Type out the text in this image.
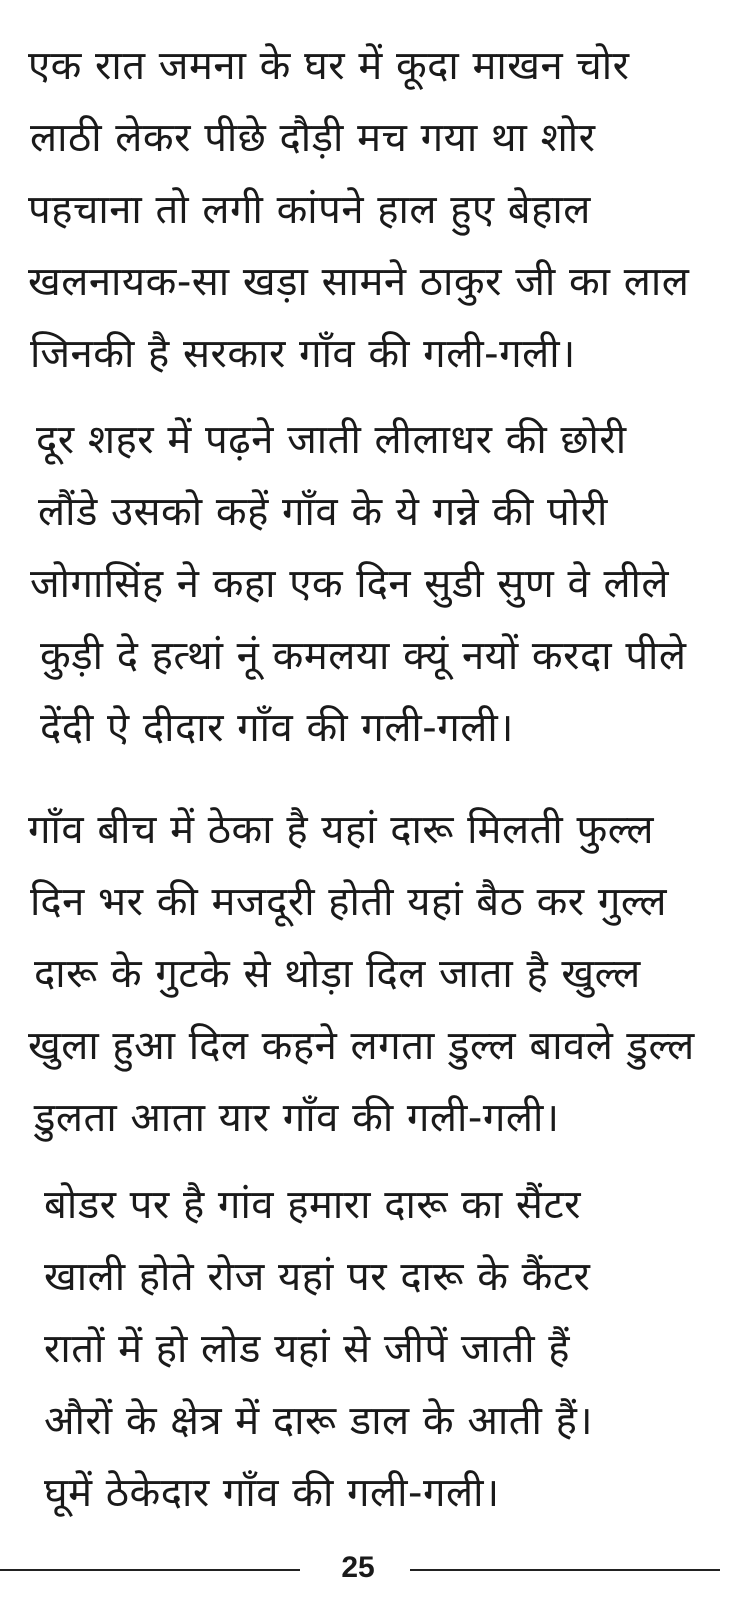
एक रात जमना के घर में कूदा माखन चोर
लाठी लेकर पीछे दौड़ी मच गया था शोर
पहचाना तो लगी कांपने हाल हुए बेहाल
खलनायक-सा खड़ा सामने ठाकुर जी का लाल
जिनकी है सरकार गाँव की गली-गली।
दूर शहर में पढ़ने जाती लीलाधर की छोरी
लौंडे उसको कहें गाँव के ये गन्ने की पोरी
जोगासिंह ने कहा एक दिन सुडी सुण वे लीले
कुड़ी दे हत्थां नूं कमलया क्यूं नयों करदा पीले
देंदी ऐ दीदार गाँव की गली-गली।
गाँव बीच में ठेका है यहां दारू मिलती फुल्ल
दिन भर की मजदूरी होती यहां बैठ कर गुल्ल
दारू के गुटके से थोड़ा दिल जाता है खुल्ल
खुला हुआ दिल कहने लगता डुल्ल बावले डुल्ल
डुलता आता यार गाँव की गली-गली।
बोडर पर है गांव हमारा दारू का सैंटर
खाली होते रोज यहां पर दारू के कैंटर
रातों में हो लोड यहां से जीपें जाती हैं
औरों के क्षेत्र में दारू डाल के आती हैं।
घूमें ठेकेदार गाँव की गली-गली।
25
